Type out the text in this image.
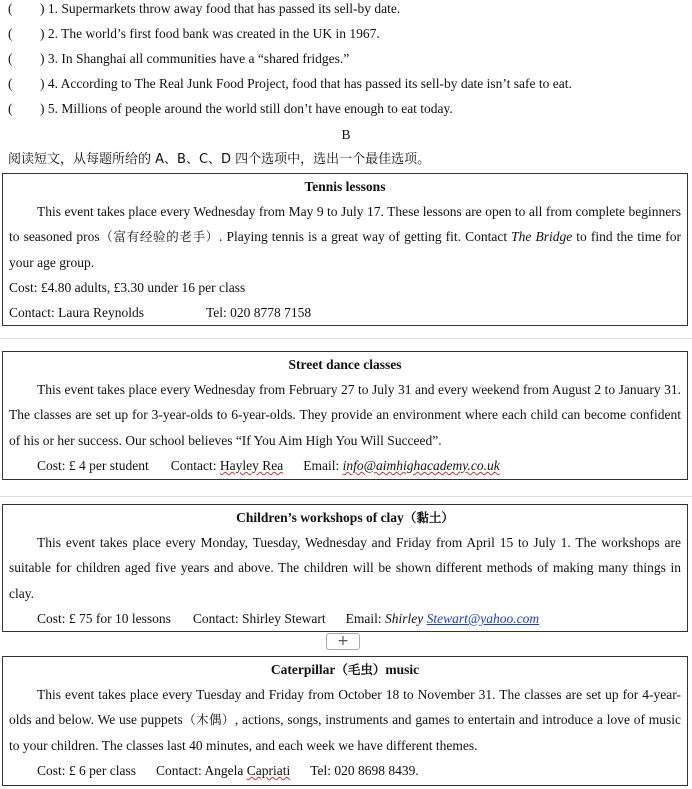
( ) 1. Supermarkets throw away food that has passed its sell-by date.
( ) 2. The world’s first food bank was created in the UK in 1967.
( ) 3. In Shanghai all communities have a “shared fridges.”
( ) 4. According to The Real Junk Food Project, food that has passed its sell-by date isn’t safe to eat.
( ) 5. Millions of people around the world still don’t have enough to eat today.
B
阅读短文，从每题所给的 A、B、C、D 四个选项中，选出一个最佳选项。
Tennis lessons
This event takes place every Wednesday from May 9 to July 17. These lessons are open to all from complete beginners to seasoned pros（富有经验的老手）. Playing tennis is a great way of getting fit. Contact The Bridge to find the time for your age group.
Cost: £4.80 adults, £3.30 under 16 per class
Contact: Laura Reynolds	Tel: 020 8778 7158
Street dance classes
This event takes place every Wednesday from February 27 to July 31 and every weekend from August 2 to January 31. The classes are set up for 3-year-olds to 6-year-olds. They provide an environment where each child can become confident of his or her success. Our school believes “If You Aim High You Will Succeed”.
Cost: £ 4 per student Contact: Hayley Rea Email: info@aimhighacademy.co.uk
Children’s workshops of clay（黏土）
This event takes place every Monday, Tuesday, Wednesday and Friday from April 15 to July 1. The workshops are suitable for children aged five years and above. The children will be shown different methods of making many things in clay.
Cost: £ 75 for 10 lessons Contact: Shirley Stewart Email: Shirley Stewart@yahoo.com
+
Caterpillar（毛虫）music
This event takes place every Tuesday and Friday from October 18 to November 31. The classes are set up for 4-year-olds and below. We use puppets（木偶）, actions, songs, instruments and games to entertain and introduce a love of music to your children. The classes last 40 minutes, and each week we have different themes.
Cost: £ 6 per class Contact: Angela Capriati Tel: 020 8698 8439.
